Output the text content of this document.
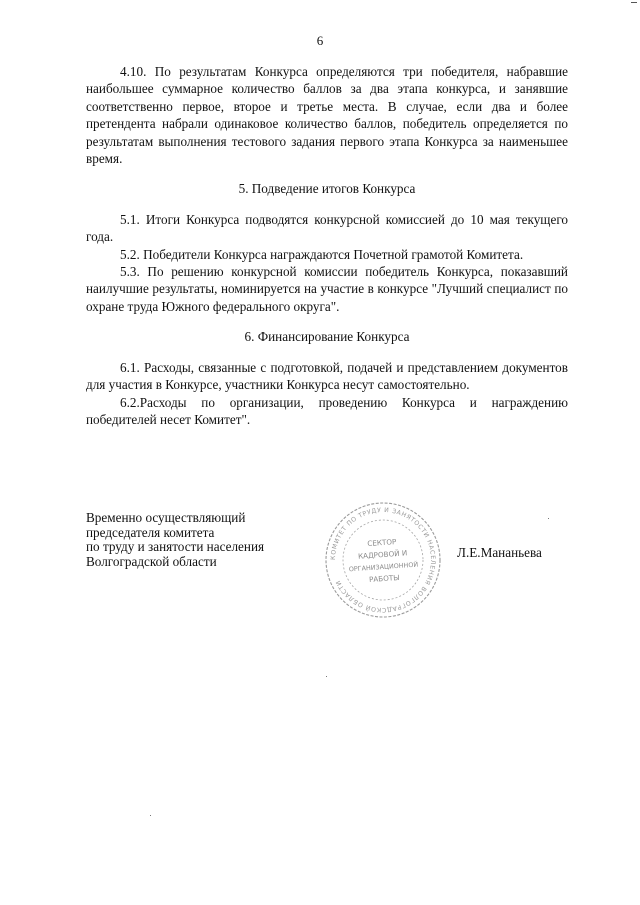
6

4.10. По результатам Конкурса определяются три победителя, набравшие наибольшее суммарное количество баллов за два этапа конкурса, и занявшие соответственно первое, второе и третье места. В случае, если два и более претендента набрали одинаковое количество баллов, победитель определяется по результатам выполнения тестового задания первого этапа Конкурса за наименьшее время.

5. Подведение итогов Конкурса

5.1. Итоги Конкурса подводятся конкурсной комиссией до 10 мая текущего года.

5.2. Победители Конкурса награждаются Почетной грамотой Комитета.

5.3. По решению конкурсной комиссии победитель Конкурса, показавший наилучшие результаты, номинируется на участие в конкурсе "Лучший специалист по охране труда Южного федерального округа".

6. Финансирование Конкурса

6.1. Расходы, связанные с подготовкой, подачей и представлением документов для участия в Конкурсе, участники Конкурса несут самостоятельно.

6.2.Расходы по организации, проведению Конкурса и награждению победителей несет Комитет".

Временно осуществляющий
председателя комитета
по труду и занятости населения
Волгоградской области	КОМИТЕТ ПО ТРУДУ И ЗАНЯТОСТИ НАСЕЛЕНИЯ ВОЛГОГРАДСКОЙ ОБЛАСТИ
СЕКТОР
КАДРОВОЙ И
ОРГАНИЗАЦИОННОЙ
РАБОТЫ
Л.Е.Мананьева
